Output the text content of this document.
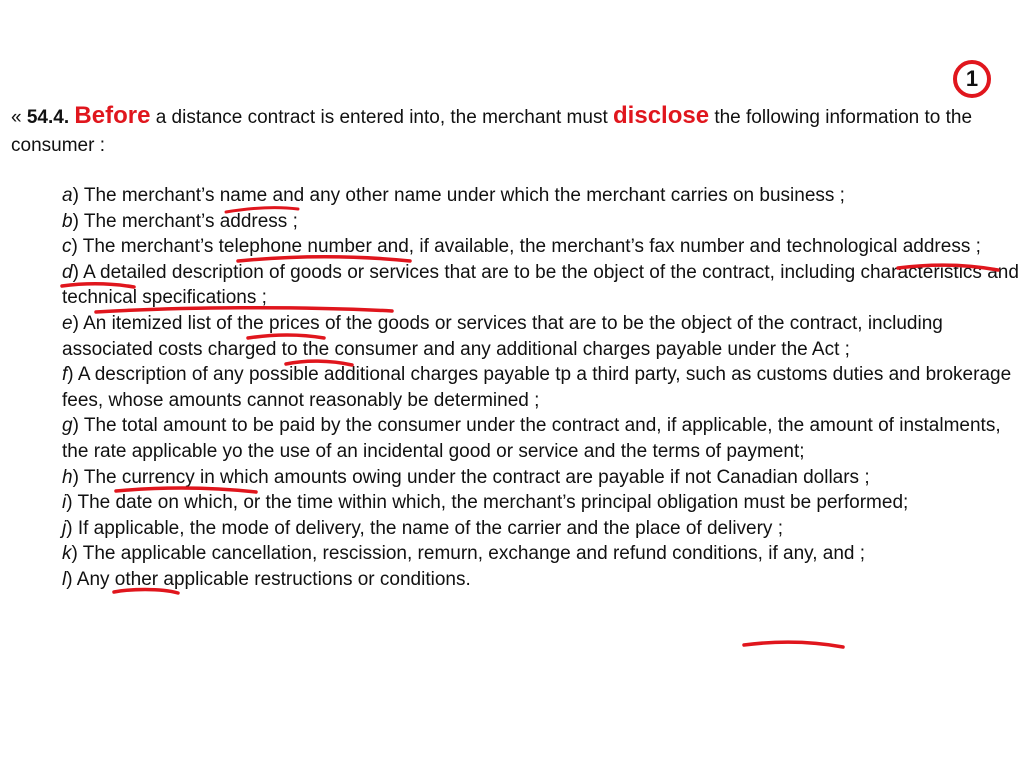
1
« 54.4. Before a distance contract is entered into, the merchant must disclose the following information to the consumer :
a) The merchant’s name and any other name under which the merchant carries on business ;
b) The merchant’s address ;
c) The merchant’s telephone number and, if available, the merchant’s fax number and technological address ;
d) A detailed description of goods or services that are to be the object of the contract, including characteristics and technical specifications ;
e) An itemized list of the prices of the goods or services that are to be the object of the contract, including associated costs charged to the consumer and any additional charges payable under the Act ;
f) A description of any possible additional charges payable tp a third party, such as customs duties and brokerage fees, whose amounts cannot reasonably be determined ;
g) The total amount to be paid by the consumer under the contract and, if applicable, the amount of instalments, the rate applicable yo the use of an incidental good or service and the terms of payment;
h) The currency in which amounts owing under the contract are payable if not Canadian dollars ;
i) The date on which, or the time within which, the merchant’s principal obligation must be performed;
j) If applicable, the mode of delivery, the name of the carrier and the place of delivery ;
k) The applicable cancellation, rescission, remurn, exchange and refund conditions, if any, and ;
l) Any other applicable restructions or conditions.
